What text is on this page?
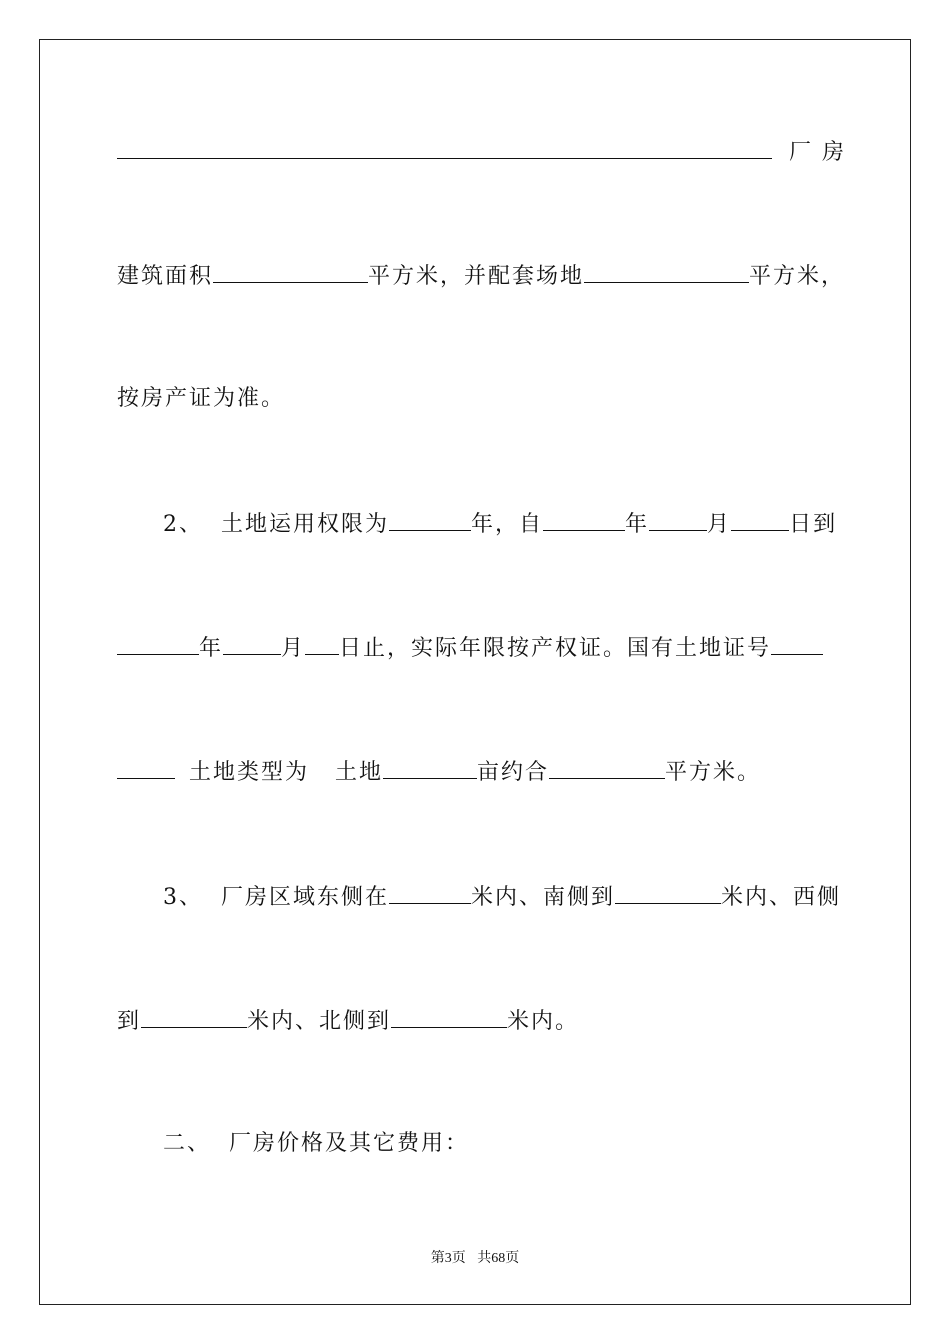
厂 房
建筑面积	平方米，并配套场地	平方米，
按房产证为准。
2、 土地运用权限为	年，自	年	月	日到
年	月 日止，实际年限按产权证。国有土地证号
土地类型为 土地	亩约合	平方米。
3、 厂房区域东侧在	米内、南侧到	米内、西侧
到	米内、北侧到	米内。
二、 厂房价格及其它费用：
第3页 共68页
